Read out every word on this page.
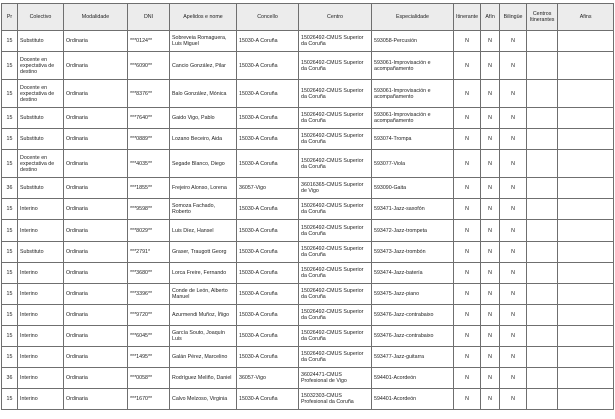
Pr	Colectivo	Modalidade	DNI	Apelidos e nome	Concello	Centro	Especialidade	Itinerante	Afín	Bilingüe	Centros Itinerantes	Afins
15	Substituto	Ordinaria	***0124**	Sobreveia Romaguera, Luis Miguel	15030-A Coruña	15026492-CMUS Superior da Coruña	593058-Percusión	N	N	N		
15	Docente en expectativa de destino	Ordinaria	***6090**	Cancio González, Pilar	15030-A Coruña	15026492-CMUS Superior da Coruña	593061-Improvisación e acompañamento	N	N	N		
15	Docente en expectativa de destino	Ordinaria	***8376**	Balo González, Mónica	15030-A Coruña	15026492-CMUS Superior da Coruña	593061-Improvisación e acompañamento	N	N	N		
15	Substituto	Ordinaria	***7640**	Gaido Vigo, Pablo	15030-A Coruña	15026492-CMUS Superior da Coruña	593061-Improvisación e acompañamento	N	N	N		
15	Substituto	Ordinaria	***0889**	Lozano Beceiro, Aida	15030-A Coruña	15026492-CMUS Superior da Coruña	593074-Trompa	N	N	N		
15	Docente en expectativa de destino	Ordinaria	***4035**	Segade Blanco, Diego	15030-A Coruña	15026492-CMUS Superior da Coruña	593077-Viola	N	N	N		
36	Substituto	Ordinaria	***1855**	Frejeiro Alonso, Lorena	36057-Vigo	36016365-CMUS Superior de Vigo	593090-Gaita	N	N	N		
15	Interino	Ordinaria	***9598**	Somoza Fachado, Roberto	15030-A Coruña	15026492-CMUS Superior da Coruña	593471-Jazz-saxofón	N	N	N		
15	Interino	Ordinaria	***8029**	Luis Díez, Hansel	15030-A Coruña	15026492-CMUS Superior da Coruña	593472-Jazz-trompeta	N	N	N		
15	Substituto	Ordinaria	***2791*	Graser, Traugott Georg	15030-A Coruña	15026492-CMUS Superior da Coruña	593473-Jazz-trombón	N	N	N		
15	Interino	Ordinaria	***3680**	Lorca Freire, Fernando	15030-A Coruña	15026492-CMUS Superior da Coruña	593474-Jazz-batería	N	N	N		
15	Interino	Ordinaria	***3396**	Conde de León, Alberto Manuel	15030-A Coruña	15026492-CMUS Superior da Coruña	593475-Jazz-piano	N	N	N		
15	Interino	Ordinaria	***9720**	Azurmendi Muñoz, Íñigo	15030-A Coruña	15026492-CMUS Superior da Coruña	593476-Jazz-contrabaixo	N	N	N		
15	Interino	Ordinaria	***6045**	García Souto, Joaquín Luis	15030-A Coruña	15026492-CMUS Superior da Coruña	593476-Jazz-contrabaixo	N	N	N		
15	Interino	Ordinaria	***1495**	Galán Pérez, Marcelino	15030-A Coruña	15026492-CMUS Superior da Coruña	593477-Jazz-guitarra	N	N	N		
36	Interino	Ordinaria	***0058**	Rodríguez Meliño, Daniel	36057-Vigo	36024471-CMUS Profesional de Vigo	594401-Acordeón	N	N	N		
15	Interino	Ordinaria	***1670**	Calvo Melzoso, Virginia	15030-A Coruña	15032303-CMUS Profesional da Coruña	594401-Acordeón	N	N	N		
